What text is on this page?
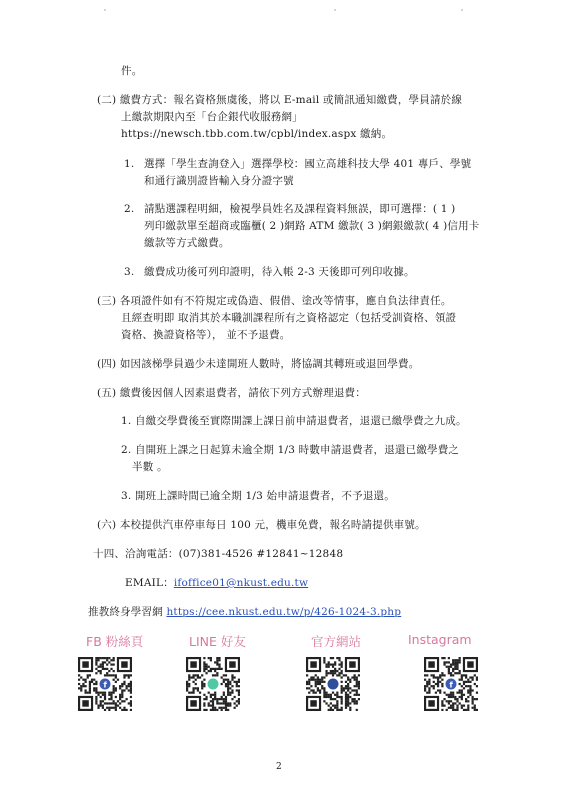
件。
(二) 繳費方式：報名資格無虞後，將以 E-mail 或簡訊通知繳費，學員請於線
上繳款期限內至「台企銀代收服務網」
https://newsch.tbb.com.tw/cpbl/index.aspx 繳納。
1. 選擇「學生查詢登入」選擇學校：國立高雄科技大學 401 專戶、學號
和通行識別證皆輸入身分證字號
2. 請點選課程明細，檢視學員姓名及課程資料無誤，即可選擇：( 1 )
列印繳款單至超商或臨櫃( 2 )網路 ATM 繳款( 3 )網銀繳款( 4 )信用卡
繳款等方式繳費。
3. 繳費成功後可列印證明，待入帳 2-3 天後即可列印收據。
(三) 各項證件如有不符規定或偽造、假借、塗改等情事，應自負法律責任。
且經查明即 取消其於本職訓課程所有之資格認定（包括受訓資格、領證
資格、換證資格等）， 並不予退費。
(四) 如因該梯學員過少未達開班人數時，將協調其轉班或退回學費。
(五) 繳費後因個人因素退費者，請依下列方式辦理退費：
1. 自繳交學費後至實際開課上課日前申請退費者，退還已繳學費之九成。
2. 自開班上課之日起算未逾全期 1/3 時數申請退費者，退還已繳學費之
半數 。
3. 開班上課時間已逾全期 1/3 始申請退費者，不予退還。
(六) 本校提供汽車停車每日 100 元，機車免費，報名時請提供車號。
十四、洽詢電話：(07)381-4526 #12841~12848
EMAIL：ifoffice01@nkust.edu.tw
推教終身學習網 https://cee.nkust.edu.tw/p/426-1024-3.php
FB 粉絲頁	LINE 好友	官方網站	Instagram
f	f
2
